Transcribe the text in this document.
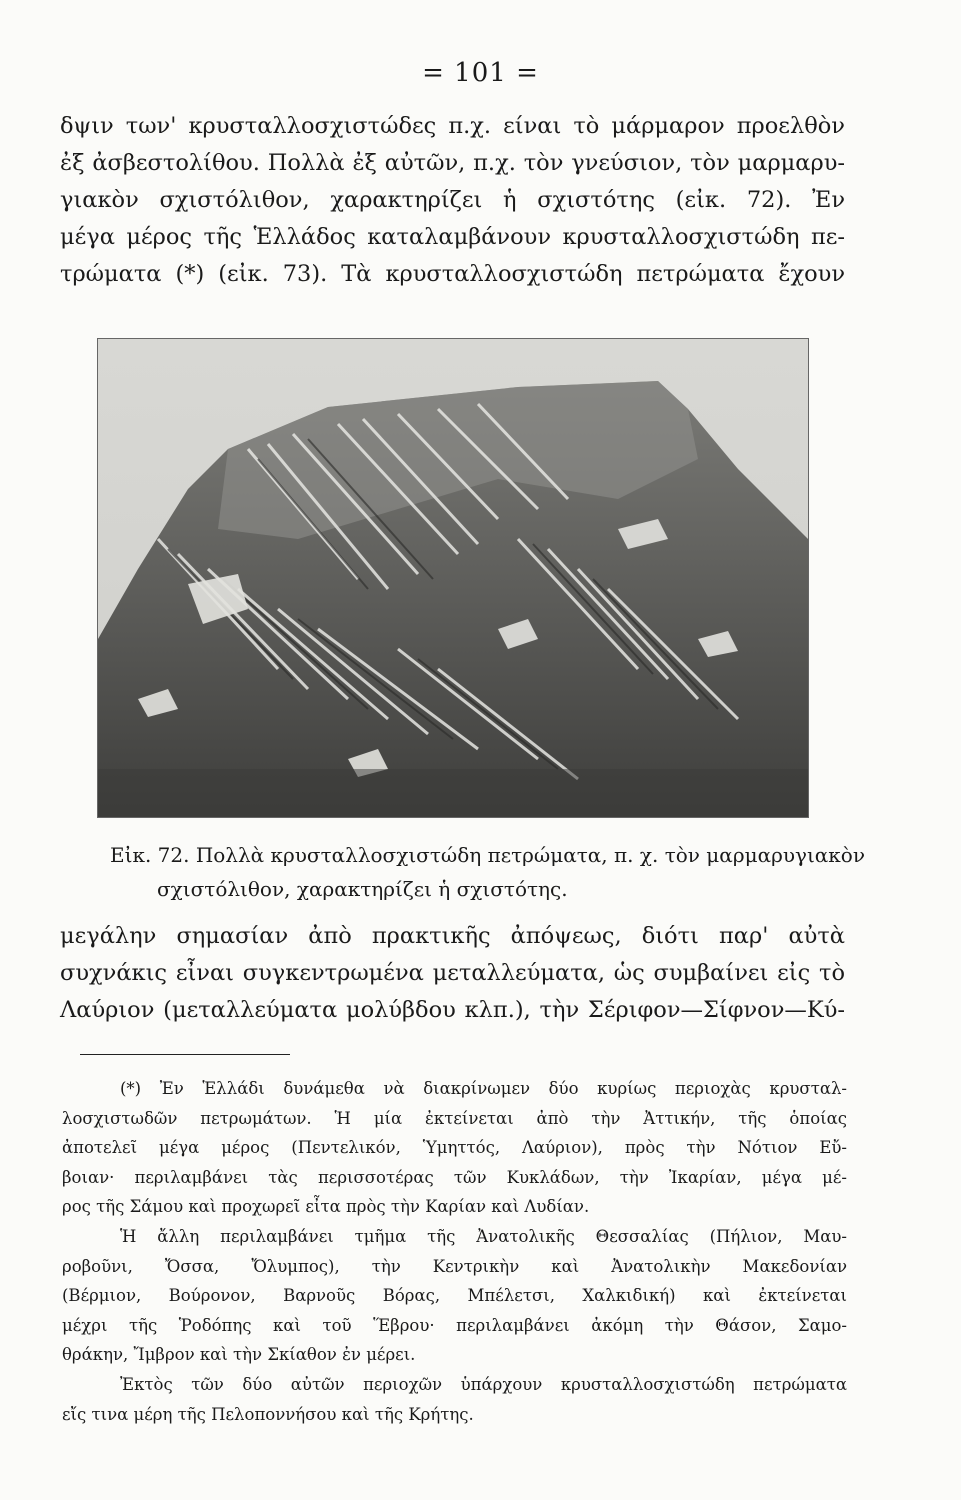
= 101 =
δψιν των' κρυσταλλοσχιστώδες π.χ. είναι τὸ μάρμαρον προελθὸν
ἐξ ἀσβεστολίθου. Πολλὰ ἐξ αὐτῶν, π.χ. τὸν γνεύσιον, τὸν μαρμαρυ-
γιακὸν σχιστόλιθον, χαρακτηρίζει ἡ σχιστότης (εἰκ. 72). Ἐν
μέγα μέρος τῆς Ἑλλάδος καταλαμβάνουν κρυσταλλοσχιστώδη πε-
τρώματα (*) (εἰκ. 73). Τὰ κρυσταλλοσχιστώδη πετρώματα ἔχουν
Εἰκ. 72. Πολλὰ κρυσταλλοσχιστώδη πετρώματα, π. χ. τὸν μαρμαρυγιακὸν
σχιστόλιθον, χαρακτηρίζει ἡ σχιστότης.
μεγάλην σημασίαν ἀπὸ πρακτικῆς ἀπόψεως, διότι παρ' αὐτὰ
συχνάκις εἶναι συγκεντρωμένα μεταλλεύματα, ὡς συμβαίνει εἰς τὸ
Λαύριον (μεταλλεύματα μολύβδου κλπ.), τὴν Σέριφον—Σίφνον—Κύ-
(*) Ἐν Ἑλλάδι δυνάμεθα νὰ διακρίνωμεν δύο κυρίως περιοχὰς κρυσταλ-
λοσχιστωδῶν πετρωμάτων. Ἡ μία ἐκτείνεται ἀπὸ τὴν Ἀττικήν, τῆς ὁποίας
ἀποτελεῖ μέγα μέρος (Πεντελικόν, Ὑμηττός, Λαύριον), πρὸς τὴν Νότιον Εὔ-
βοιαν· περιλαμβάνει τὰς περισσοτέρας τῶν Κυκλάδων, τὴν Ἰκαρίαν, μέγα μέ-
ρος τῆς Σάμου καὶ προχωρεῖ εἶτα πρὸς τὴν Καρίαν καὶ Λυδίαν.
Ἡ ἄλλη περιλαμβάνει τμῆμα τῆς Ἀνατολικῆς Θεσσαλίας (Πήλιον, Μαυ-
ροβοῦνι, Ὄσσα, Ὄλυμπος), τὴν Κεντρικὴν καὶ Ἀνατολικὴν Μακεδονίαν
(Βέρμιον, Βούρονον, Βαρνοῦς Βόρας, Μπέλετσι, Χαλκιδική) καὶ ἐκτείνεται
μέχρι τῆς Ῥοδόπης καὶ τοῦ Ἕβρου· περιλαμβάνει ἀκόμη τὴν Θάσον, Σαμο-
θράκην, Ἴμβρον καὶ τὴν Σκίαθον ἐν μέρει.
Ἐκτὸς τῶν δύο αὐτῶν περιοχῶν ὑπάρχουν κρυσταλλοσχιστώδη πετρώματα
εἴς τινα μέρη τῆς Πελοποννήσου καὶ τῆς Κρήτης.
